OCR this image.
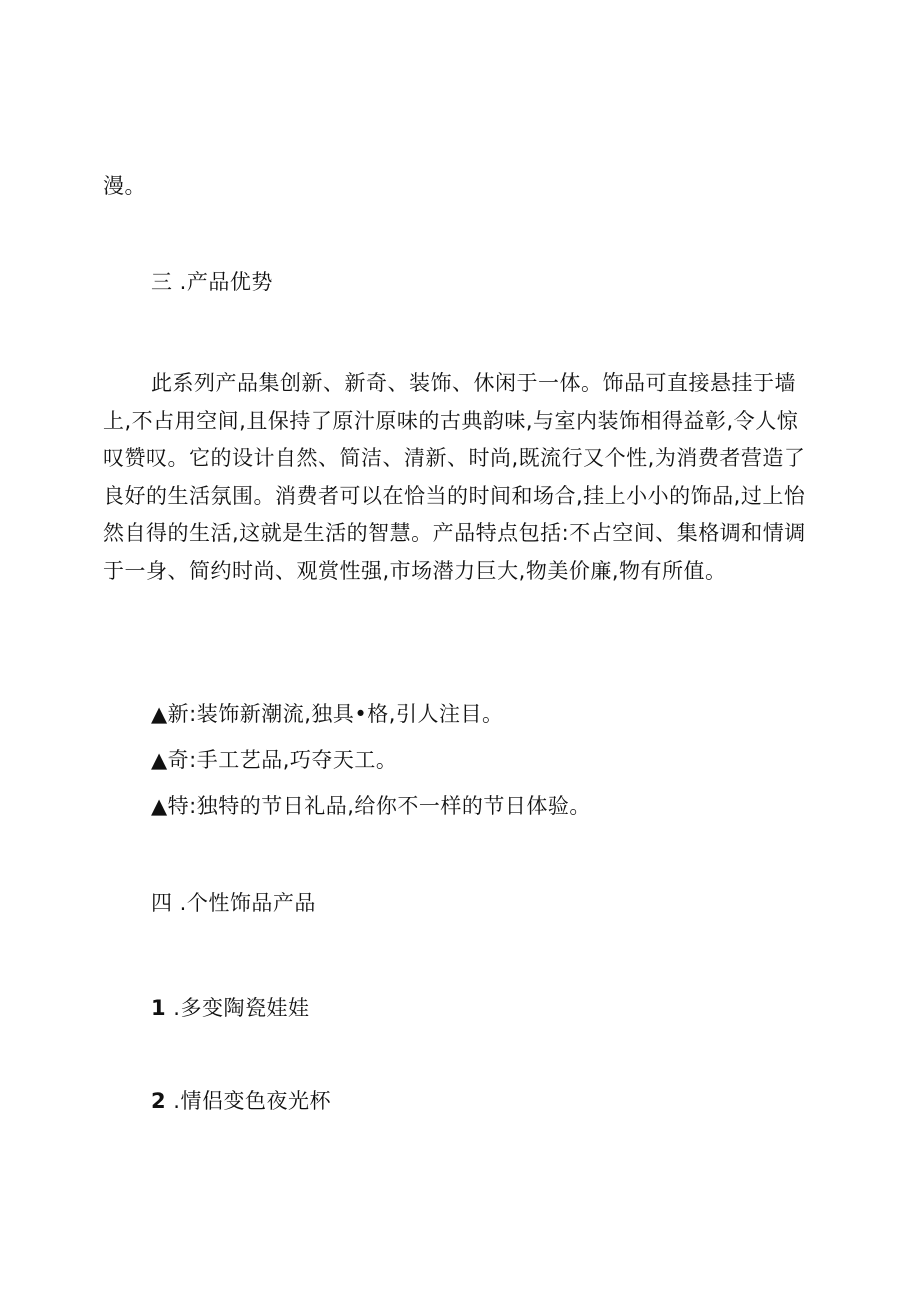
漫。
三 .产品优势
此系列产品集创新、新奇、装饰、休闲于一体。饰品可直接悬挂于墙
上,不占用空间,且保持了原汁原味的古典韵味,与室内装饰相得益彰,令人惊
叹赞叹。它的设计自然、简洁、清新、时尚,既流行又个性,为消费者营造了
良好的生活氛围。消费者可以在恰当的时间和场合,挂上小小的饰品,过上怡
然自得的生活,这就是生活的智慧。产品特点包括:不占空间、集格调和情调
于一身、简约时尚、观赏性强,市场潜力巨大,物美价廉,物有所值。
▲新:装饰新潮流,独具•格,引人注目。
▲奇:手工艺品,巧夺天工。
▲特:独特的节日礼品,给你不一样的节日体验。
四 .个性饰品产品
1 .多变陶瓷娃娃
2 .情侣变色夜光杯
